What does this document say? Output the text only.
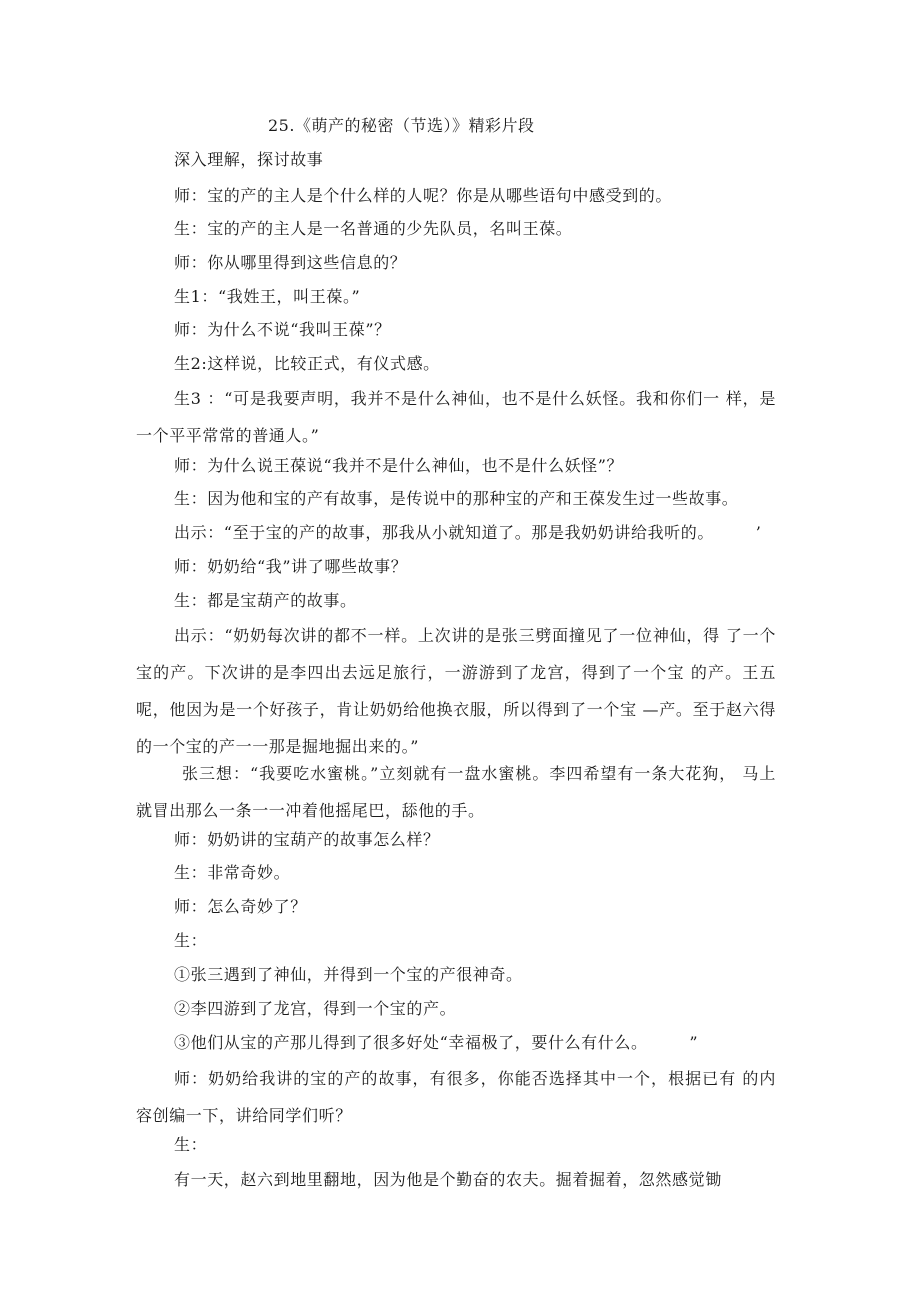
25.《萌产的秘密（节选）》精彩片段
深入理解，探讨故事
师：宝的产的主人是个什么样的人呢？你是从哪些语句中感受到的。
生：宝的产的主人是一名普通的少先队员，名叫王葆。
师：你从哪里得到这些信息的？
生1：“我姓王，叫王葆。”
师：为什么不说“我叫王葆”？
生2:这样说，比较正式，有仪式感。
生3 ：“可是我要声明，我并不是什么神仙，也不是什么妖怪。我和你们一 样，是一个平平常常的普通人。”
师：为什么说王葆说“我并不是什么神仙，也不是什么妖怪”？
生：因为他和宝的产有故事，是传说中的那种宝的产和王葆发生过一些故事。
出示：“至于宝的产的故事，那我从小就知道了。那是我奶奶讲给我听的。　　　’
师：奶奶给“我”讲了哪些故事？
生：都是宝葫产的故事。
出示：“奶奶每次讲的都不一样。上次讲的是张三劈面撞见了一位神仙，得 了一个宝的产。下次讲的是李四出去远足旅行，一游游到了龙宫，得到了一个宝 的产。王五呢，他因为是一个好孩子，肯让奶奶给他换衣服，所以得到了一个宝 —产。至于赵六得的一个宝的产一一那是掘地掘出来的。”
张三想：“我要吃水蜜桃。”立刻就有一盘水蜜桃。李四希望有一条大花狗， 马上就冒出那么一条一一冲着他摇尾巴，舔他的手。
师：奶奶讲的宝葫产的故事怎么样？
生：非常奇妙。
师：怎么奇妙了？
生：
①张三遇到了神仙，并得到一个宝的产很神奇。
②李四游到了龙宫，得到一个宝的产。
③他们从宝的产那儿得到了很多好处“幸福极了，要什么有什么。　　　”
师：奶奶给我讲的宝的产的故事，有很多，你能否选择其中一个，根据已有 的内容创编一下，讲给同学们听？
生：
有一天，赵六到地里翻地，因为他是个勤奋的农夫。掘着掘着，忽然感觉锄
